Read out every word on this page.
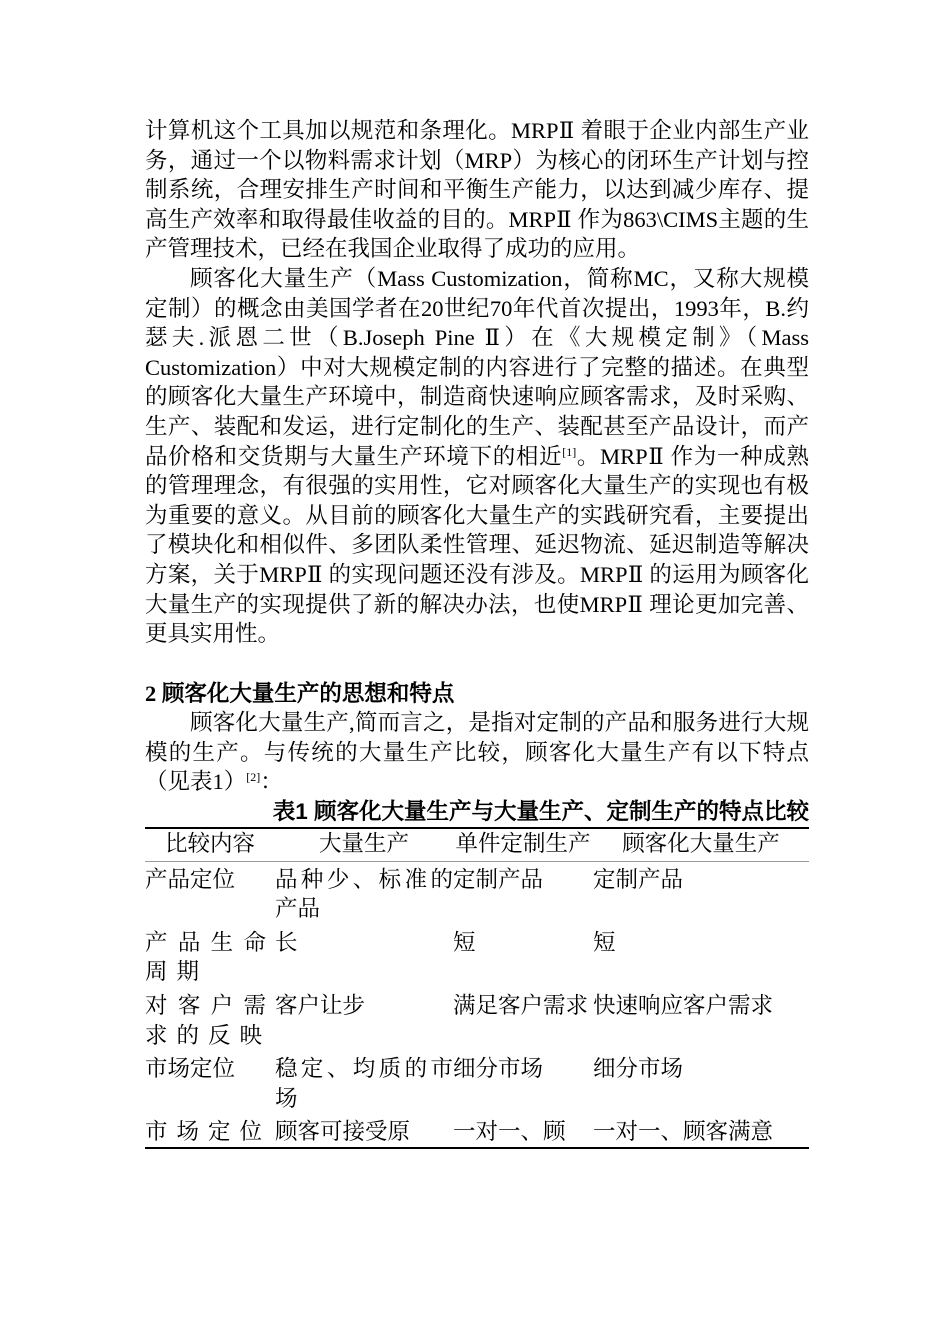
计算机这个工具加以规范和条理化。MRPⅡ 着眼于企业内部生产业务，通过一个以物料需求计划（MRP）为核心的闭环生产计划与控制系统，合理安排生产时间和平衡生产能力，以达到减少库存、提高生产效率和取得最佳收益的目的。MRPⅡ 作为863\CIMS主题的生产管理技术，已经在我国企业取得了成功的应用。

顾客化大量生产（Mass Customization，简称MC，又称大规模定制）的概念由美国学者在20世纪70年代首次提出，1993年，B.约瑟夫.派恩二世（B.Joseph Pine Ⅱ）在《大规模定制》（Mass Customization）中对大规模定制的内容进行了完整的描述。在典型的顾客化大量生产环境中，制造商快速响应顾客需求，及时采购、生产、装配和发运，进行定制化的生产、装配甚至产品设计，而产品价格和交货期与大量生产环境下的相近[1]。MRPⅡ 作为一种成熟的管理理念，有很强的实用性，它对顾客化大量生产的实现也有极为重要的意义。从目前的顾客化大量生产的实践研究看，主要提出了模块化和相似件、多团队柔性管理、延迟物流、延迟制造等解决方案，关于MRPⅡ 的实现问题还没有涉及。MRPⅡ 的运用为顾客化大量生产的实现提供了新的解决办法，也使MRPⅡ 理论更加完善、更具实用性。

2 顾客化大量生产的思想和特点

顾客化大量生产,简而言之，是指对定制的产品和服务进行大规模的生产。与传统的大量生产比较，顾客化大量生产有以下特点（见表1）[2]：

表1 顾客化大量生产与大量生产、定制生产的特点比较

比较内容	大量生产	单件定制生产	顾客化大量生产
产品定位	品种少、标准的产品	定制产品	定制产品
产品生命周期	长	短	短
对客户需求的反映	客户让步	满足客户需求	快速响应客户需求
市场定位	稳定、均质的市场	细分市场	细分市场
市场定位	顾客可接受原	一对一、顾	一对一、顾客满意
